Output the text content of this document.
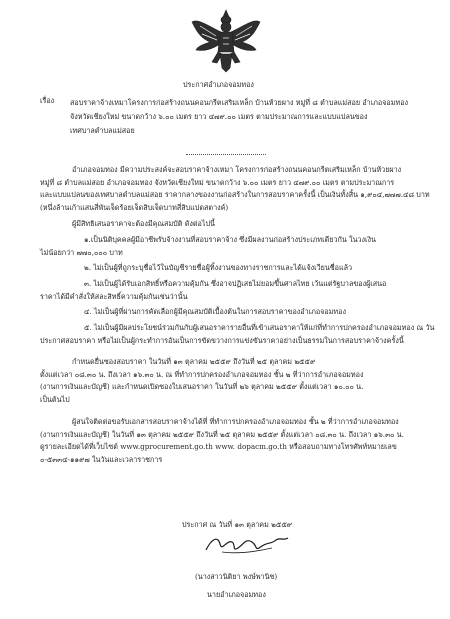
ประกาศอำเภอจอมทอง
เรื่อง สอบราคาจ้างเหมาโครงการก่อสร้างถนนคอนกรีตเสริมเหล็ก บ้านห้วยผาง หมู่ที่ ๘ ตำบลแม่สอย อำเภอจอมทอง
จังหวัดเชียงใหม่ ขนาดกว้าง ๖.๐๐ เมตร ยาว ๔๗๙.๐๐ เมตร ตามประมาณการและแบบแปลนของ
เทศบาลตำบลแม่สอย
อำเภอจอมทอง มีความประสงค์จะสอบราคาจ้างเหมา โครงการก่อสร้างถนนคอนกรีตเสริมเหล็ก บ้านห้วยผาง
หมู่ที่ ๘ ตำบลแม่สอย อำเภอจอมทอง จังหวัดเชียงใหม่ ขนาดกว้าง ๖.๐๐ เมตร ยาว ๔๗๙.๐๐ เมตร ตามประมาณการ
และแบบแปลนของเทศบาลตำบลแม่สอย ราคากลางของงานก่อสร้างในการสอบราคาครั้งนี้ เป็นเงินทั้งสิ้น ๑,๙๐๔,๗๗๗.๔๘ บาท
(หนึ่งล้านเก้าแสนสี่พันเจ็ดร้อยเจ็ดสิบเจ็ดบาทสี่สิบแปดสตางค์)
ผู้มีสิทธิเสนอราคาจะต้องมีคุณสมบัติ ดังต่อไปนี้
๑.เป็นนิติบุคคลผู้มีอาชีพรับจ้างงานที่สอบราคาจ้าง ซึ่งมีผลงานก่อสร้างประเภทเดียวกัน ในวงเงิน
ไม่น้อยกว่า ๗๗๐,๐๐๐ บาท
๒. ไม่เป็นผู้ที่ถูกระบุชื่อไว้ในบัญชีรายชื่อผู้ทิ้งงานของทางราชการและได้แจ้งเวียนชื่อแล้ว
๓. ไม่เป็นผู้ได้รับเอกสิทธิ์หรือความคุ้มกัน ซึ่งอาจปฏิเสธไม่ยอมขึ้นศาลไทย เว้นแต่รัฐบาลของผู้เสนอ
ราคาได้มีคำสั่งให้สละสิทธิ์ความคุ้มกันเช่นว่านั้น
๔. ไม่เป็นผู้ที่ผ่านการคัดเลือกผู้มีคุณสมบัติเบื้องต้นในการสอบราคาของอำเภอจอมทอง
๕. ไม่เป็นผู้มีผลประโยชน์ร่วมกันกับผู้เสนอราคารายอื่นที่เข้าเสนอราคาให้แก่ที่ทำการปกครองอำเภอจอมทอง ณ วัน
ประกาศสอบราคา หรือไม่เป็นผู้กระทำการอันเป็นการขัดขวางการแข่งขันราคาอย่างเป็นธรรมในการสอบราคาจ้างครั้งนี้
กำหนดยื่นซองสอบราคา ในวันที่ ๑๓ ตุลาคม ๒๕๕๙ ถึงวันที่ ๒๕ ตุลาคม ๒๕๕๙
ตั้งแต่เวลา ๐๘.๓๐ น. ถึงเวลา ๑๖.๓๐ น. ณ ที่ทำการปกครองอำเภอจอมทอง ชั้น ๒ ที่ว่าการอำเภอจอมทอง
(งานการเงินและบัญชี) และกำหนดเปิดซองใบเสนอราคา ในวันที่ ๒๖ ตุลาคม ๒๕๕๙ ตั้งแต่เวลา ๑๐.๐๐ น.
เป็นต้นไป
ผู้สนใจติดต่อขอรับเอกสารสอบราคาจ้างได้ที่ ที่ทำการปกครองอำเภอจอมทอง ชั้น ๒ ที่ว่าการอำเภอจอมทอง
(งานการเงินและบัญชี) ในวันที่ ๑๓ ตุลาคม ๒๕๕๙ ถึงวันที่ ๒๕ ตุลาคม ๒๕๕๙ ตั้งแต่เวลา ๐๘.๓๐ น. ถึงเวลา ๑๖.๓๐ น.
ดูรายละเอียดได้ที่เว็บไซต์ www.gprocurement.go.th www. dopacm.go.th หรือสอบถามทางโทรศัพท์หมายเลข
๐-๕๓๓๔-๑๑๙๗ ในวันและเวลาราชการ
ประกาศ ณ วันที่ ๑๓ ตุลาคม ๒๕๕๙
(นางสาวนิติยา พงษ์พานิช)
นายอำเภอจอมทอง
